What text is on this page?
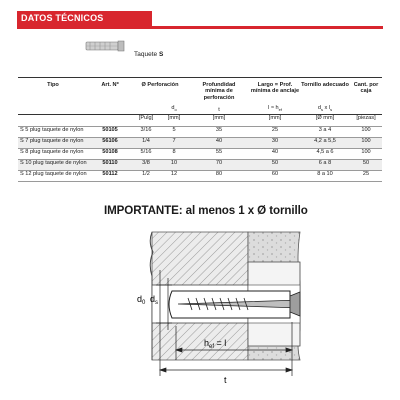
DATOS TÉCNICOS
Taquete S
Tipo	Art. Nº	Ø Perforación		Profundidad mínima de perforación	Largo = Prof. mínima de anclaje	Tornillo adecuado	Cant. por caja
			$d_o$	t	$l \approx h_{ef}$	$d_s$ x $l_s$	
		[Pulg]	[mm]	[mm]	[mm]	[Ø mm]	[piezas]
S 5 plug taquete de nylon	50105	3/16	5	35	25	3 a 4	100
S 7 plug taquete de nylon	56106	1/4	7	40	30	4,2 a 5,5	100
S 8 plug taquete de nylon	50108	5/16	8	55	40	4,5 a 6	100
S 10 plug taquete de nylon	50110	3/8	10	70	50	6 a 8	50
S 12 plug taquete de nylon	50112	1/2	12	80	60	8 a 10	25
IMPORTANTE: al menos 1 x Ø tornillo
$d_0$ $d_s$
$h_{ef} = l$
t
